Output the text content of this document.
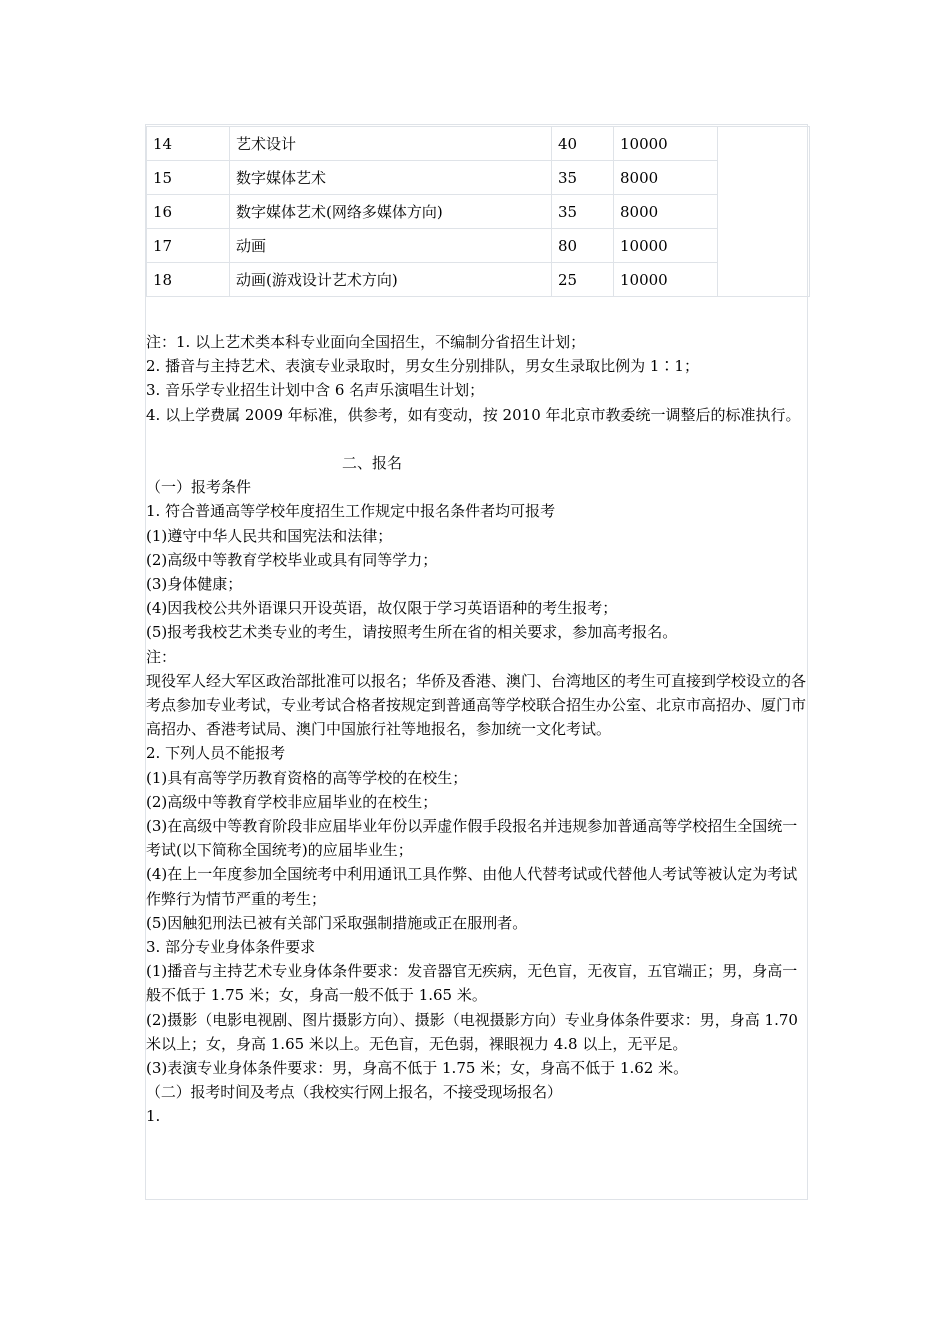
14	艺术设计	40	10000	
15	数字媒体艺术	35	8000	
16	数字媒体艺术(网络多媒体方向)	35	8000	
17	动画	80	10000	
18	动画(游戏设计艺术方向)	25	10000	

注：1. 以上艺术类本科专业面向全国招生，不编制分省招生计划；

2. 播音与主持艺术、表演专业录取时，男女生分别排队，男女生录取比例为 1∶1；

3. 音乐学专业招生计划中含 6 名声乐演唱生计划；

4. 以上学费属 2009 年标准，供参考，如有变动，按 2010 年北京市教委统一调整后的标准执行。

二、报名

（一）报考条件

1. 符合普通高等学校年度招生工作规定中报名条件者均可报考

(1)遵守中华人民共和国宪法和法律；

(2)高级中等教育学校毕业或具有同等学力；

(3)身体健康；

(4)因我校公共外语课只开设英语，故仅限于学习英语语种的考生报考；

(5)报考我校艺术类专业的考生，请按照考生所在省的相关要求，参加高考报名。

注：

现役军人经大军区政治部批准可以报名；华侨及香港、澳门、台湾地区的考生可直接到学校设立的各考点参加专业考试，专业考试合格者按规定到普通高等学校联合招生办公室、北京市高招办、厦门市高招办、香港考试局、澳门中国旅行社等地报名，参加统一文化考试。

2. 下列人员不能报考

(1)具有高等学历教育资格的高等学校的在校生；

(2)高级中等教育学校非应届毕业的在校生；

(3)在高级中等教育阶段非应届毕业年份以弄虚作假手段报名并违规参加普通高等学校招生全国统一考试(以下简称全国统考)的应届毕业生；

(4)在上一年度参加全国统考中利用通讯工具作弊、由他人代替考试或代替他人考试等被认定为考试作弊行为情节严重的考生；

(5)因触犯刑法已被有关部门采取强制措施或正在服刑者。

3. 部分专业身体条件要求

(1)播音与主持艺术专业身体条件要求：发音器官无疾病，无色盲，无夜盲，五官端正；男，身高一般不低于 1.75 米；女，身高一般不低于 1.65 米。

(2)摄影（电影电视剧、图片摄影方向）、摄影（电视摄影方向）专业身体条件要求：男，身高 1.70 米以上；女，身高 1.65 米以上。无色盲，无色弱，裸眼视力 4.8 以上，无平足。

(3)表演专业身体条件要求：男，身高不低于 1.75 米；女，身高不低于 1.62 米。

（二）报考时间及考点（我校实行网上报名，不接受现场报名）

1.
